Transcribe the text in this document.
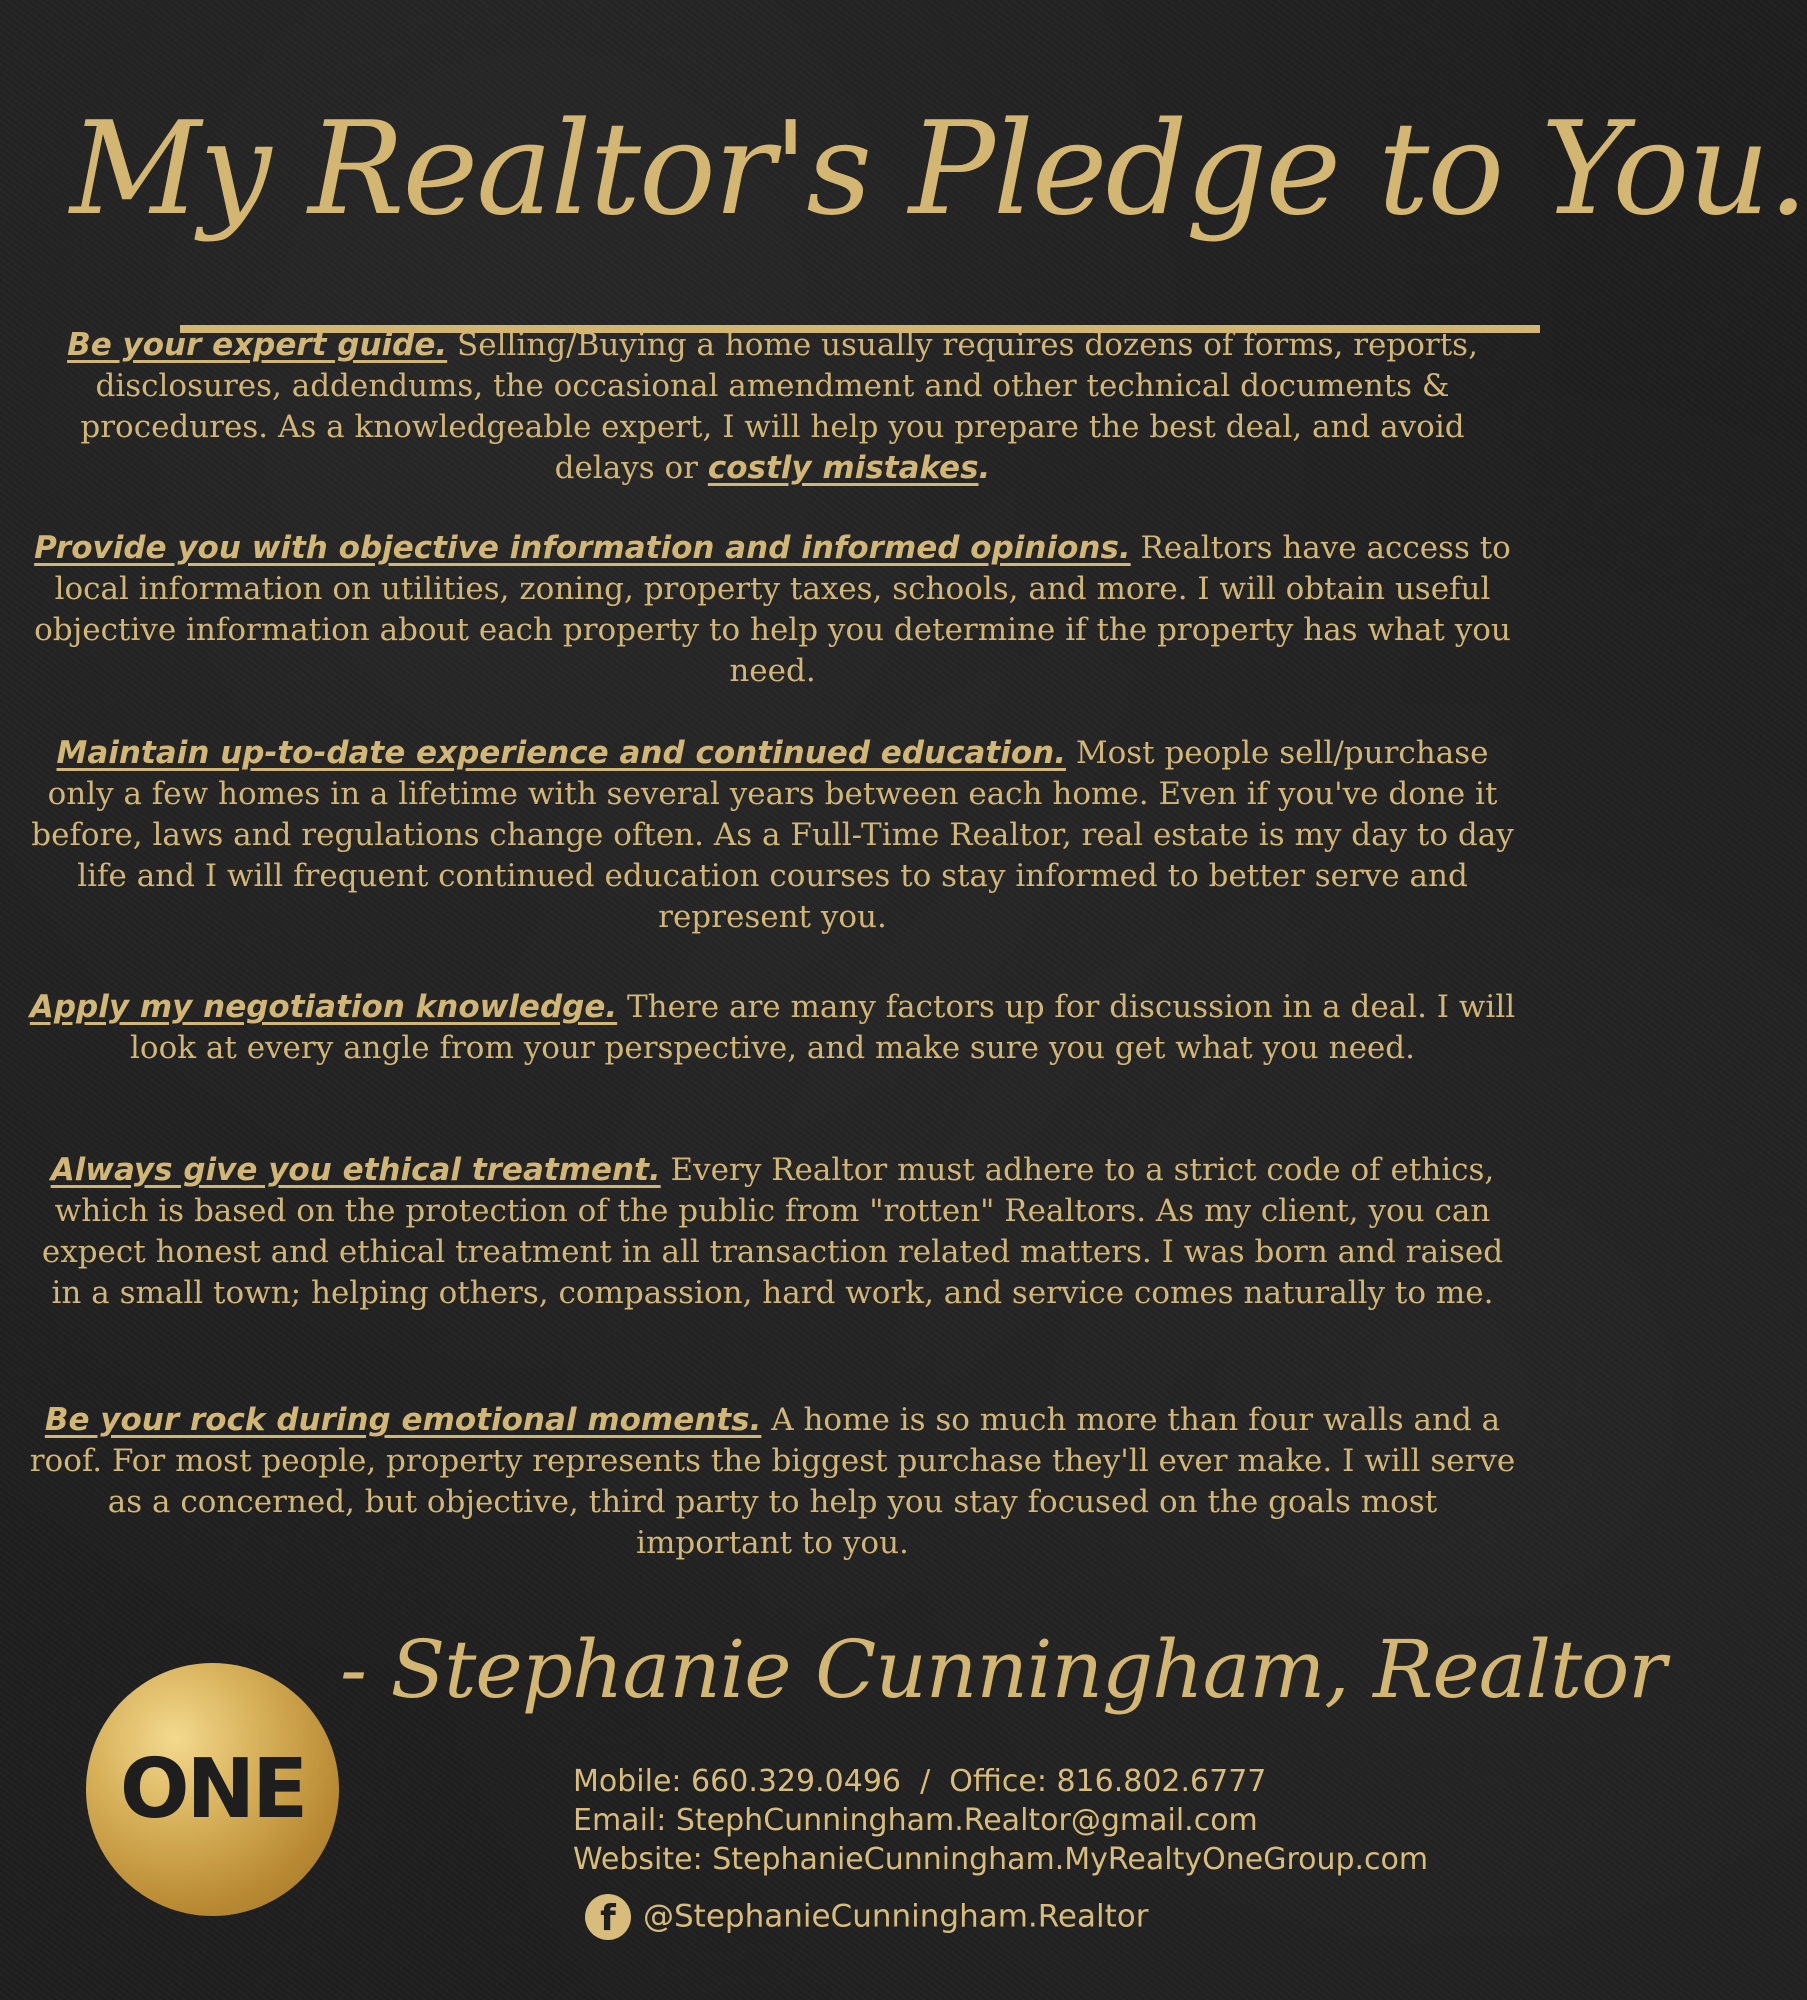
My Realtor's Pledge to You.

Be your expert guide. Selling/Buying a home usually requires dozens of forms, reports, disclosures, addendums, the occasional amendment and other technical documents & procedures. As a knowledgeable expert, I will help you prepare the best deal, and avoid delays or costly mistakes.

Provide you with objective information and informed opinions. Realtors have access to local information on utilities, zoning, property taxes, schools, and more. I will obtain useful objective information about each property to help you determine if the property has what you need.

Maintain up-to-date experience and continued education. Most people sell/purchase only a few homes in a lifetime with several years between each home. Even if you've done it before, laws and regulations change often. As a Full-Time Realtor, real estate is my day to day life and I will frequent continued education courses to stay informed to better serve and represent you.

Apply my negotiation knowledge. There are many factors up for discussion in a deal. I will look at every angle from your perspective, and make sure you get what you need.

Always give you ethical treatment. Every Realtor must adhere to a strict code of ethics, which is based on the protection of the public from "rotten" Realtors. As my client, you can expect honest and ethical treatment in all transaction related matters. I was born and raised in a small town; helping others, compassion, hard work, and service comes naturally to me.

Be your rock during emotional moments. A home is so much more than four walls and a roof. For most people, property represents the biggest purchase they'll ever make. I will serve as a concerned, but objective, third party to help you stay focused on the goals most important to you.

ONE
- Stephanie Cunningham, Realtor
Mobile: 660.329.0496  /  Office: 816.802.6777
Email: StephCunningham.Realtor@gmail.com
Website: StephanieCunningham.MyRealtyOneGroup.com
f @StephanieCunningham.Realtor
